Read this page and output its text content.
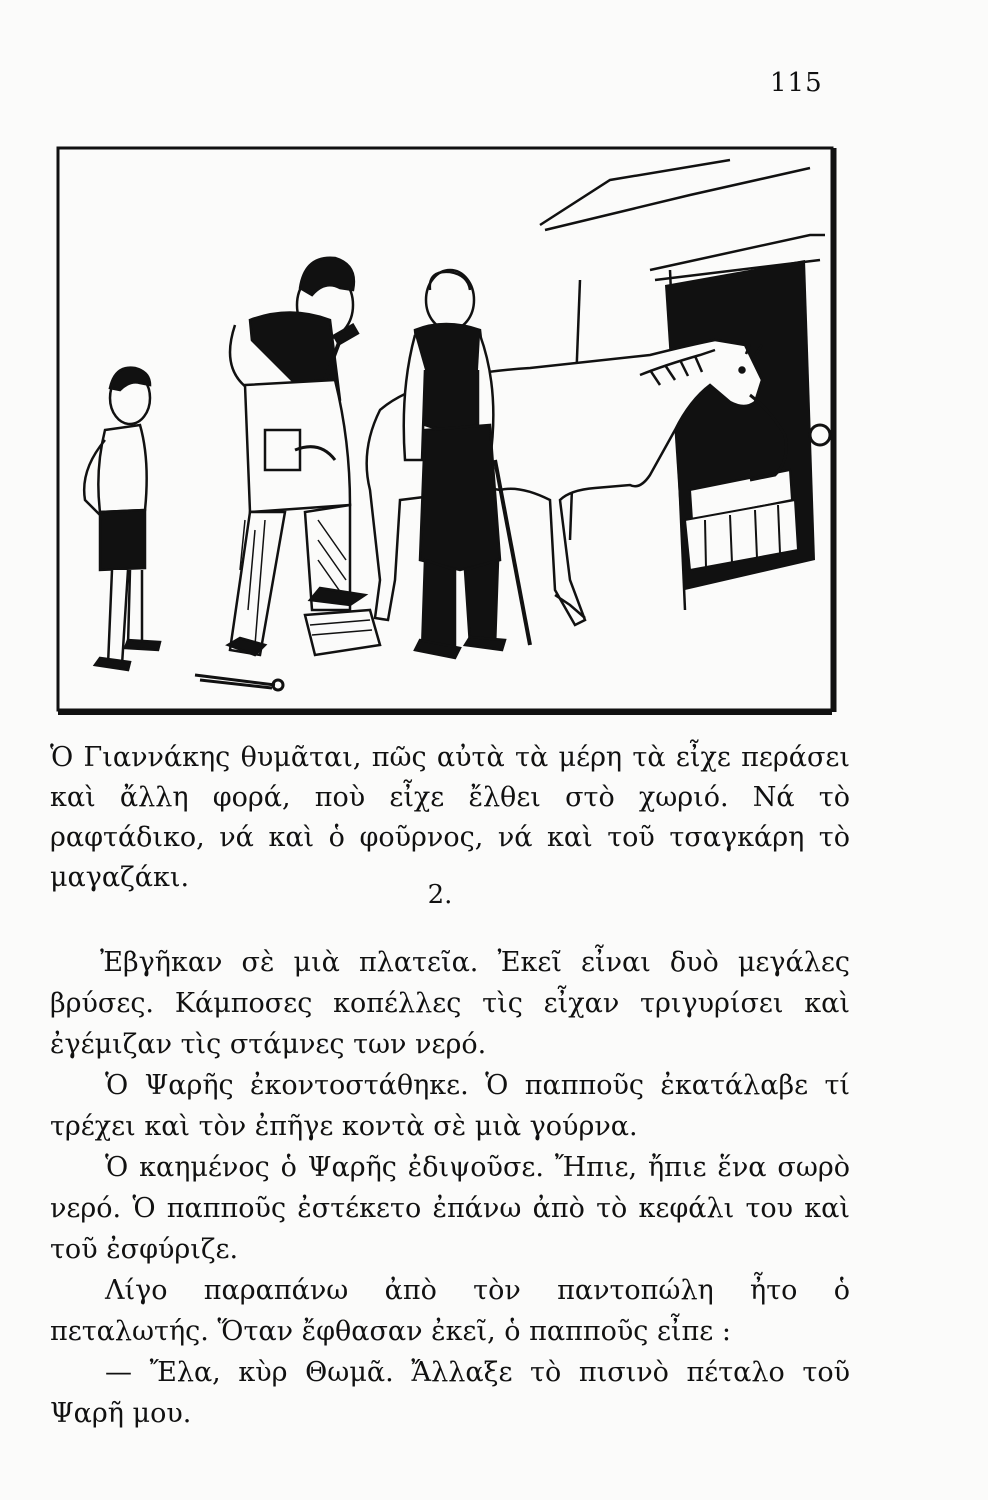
115

Ὁ Γιαννάκης θυμᾶται, πῶς αὐτὰ τὰ μέρη τὰ εἶχε περάσει καὶ ἄλλη φορά, ποὺ εἶχε ἔλθει στὸ χωριό. Νά τὸ ραφτάδικο, νά καὶ ὁ φοῦρνος, νά καὶ τοῦ τσαγκάρη τὸ μαγαζάκι.

2.

Ἐβγῆκαν σὲ μιὰ πλατεῖα. Ἐκεῖ εἶναι δυὸ μεγάλες βρύσες. Κάμποσες κοπέλλες τὶς εἶχαν τριγυρίσει καὶ ἐγέμιζαν τὶς στάμνες των νερό.

Ὁ Ψαρῆς ἐκοντοστάθηκε. Ὁ παπποῦς ἐκατάλαβε τί τρέχει καὶ τὸν ἐπῆγε κοντὰ σὲ μιὰ γούρνα.

Ὁ καημένος ὁ Ψαρῆς ἐδιψοῦσε. Ἤπιε, ἤπιε ἕνα σωρὸ νερό. Ὁ παπποῦς ἐστέκετο ἐπάνω ἀπὸ τὸ κεφάλι του καὶ τοῦ ἐσφύριζε.

Λίγο παραπάνω ἀπὸ τὸν παντοπώλη ἦτο ὁ πεταλωτής. Ὅταν ἔφθασαν ἐκεῖ, ὁ παπποῦς εἶπε :

— Ἔλα, κὺρ Θωμᾶ. Ἄλλαξε τὸ πισινὸ πέταλο τοῦ Ψαρῆ μου.
